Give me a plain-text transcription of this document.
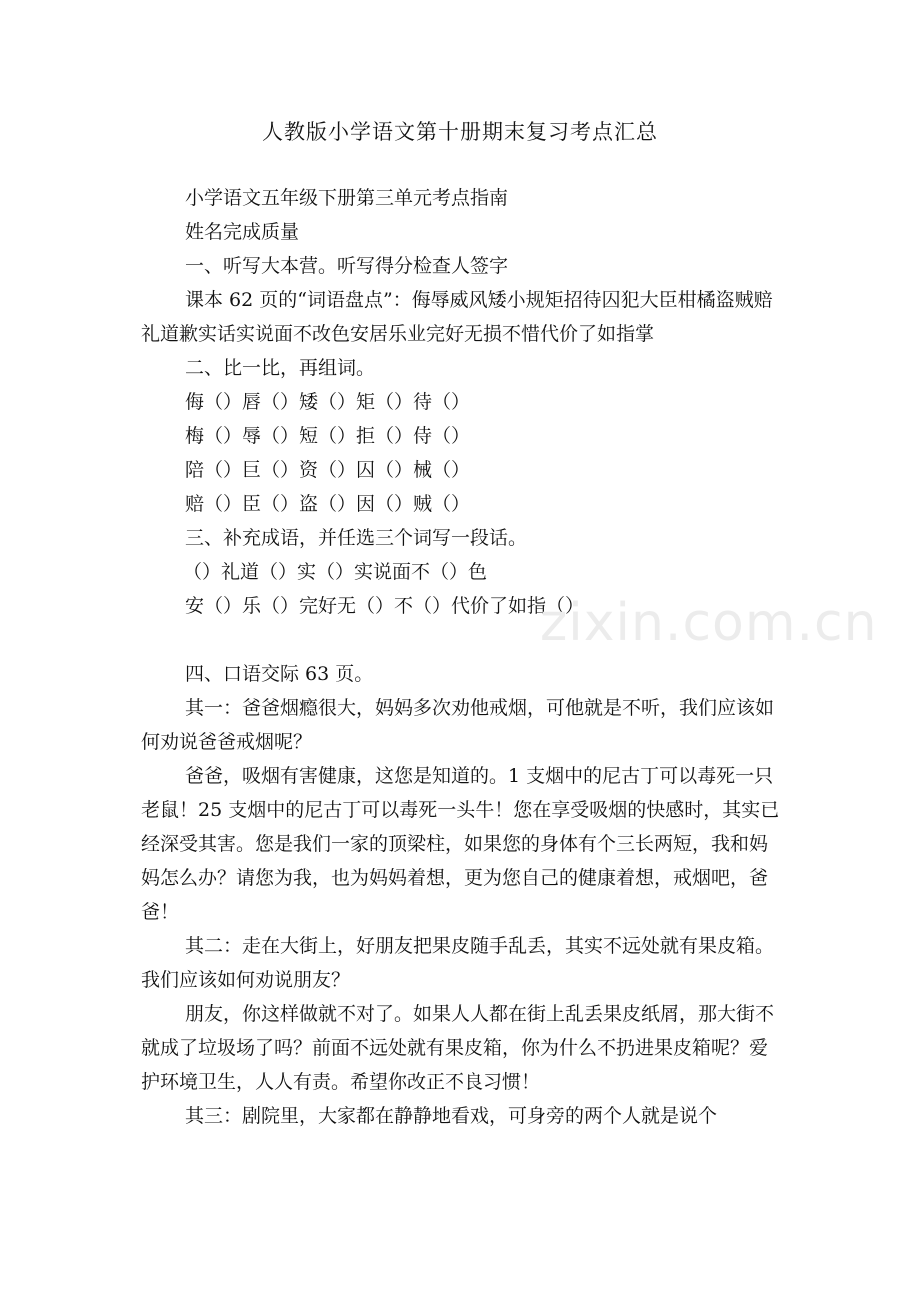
人教版小学语文第十册期末复习考点汇总

小学语文五年级下册第三单元考点指南

姓名完成质量

一、听写大本营。听写得分检查人签字

课本 62 页的“词语盘点”：侮辱威风矮小规矩招待囚犯大臣柑橘盗贼赔礼道歉实话实说面不改色安居乐业完好无损不惜代价了如指掌

二、比一比，再组词。

侮（）唇（）矮（）矩（）待（）

梅（）辱（）短（）拒（）侍（）

陪（）巨（）资（）囚（）械（）

赔（）臣（）盗（）因（）贼（）

三、补充成语，并任选三个词写一段话。

（）礼道（）实（）实说面不（）色

安（）乐（）完好无（）不（）代价了如指（）

四、口语交际 63 页。

其一：爸爸烟瘾很大，妈妈多次劝他戒烟，可他就是不听，我们应该如何劝说爸爸戒烟呢？

爸爸，吸烟有害健康，这您是知道的。1 支烟中的尼古丁可以毒死一只老鼠！25 支烟中的尼古丁可以毒死一头牛！您在享受吸烟的快感时，其实已经深受其害。您是我们一家的顶梁柱，如果您的身体有个三长两短，我和妈妈怎么办？请您为我，也为妈妈着想，更为您自己的健康着想，戒烟吧，爸爸！

其二：走在大街上，好朋友把果皮随手乱丢，其实不远处就有果皮箱。我们应该如何劝说朋友？

朋友，你这样做就不对了。如果人人都在街上乱丢果皮纸屑，那大街不就成了垃圾场了吗？前面不远处就有果皮箱，你为什么不扔进果皮箱呢？爱护环境卫生，人人有责。希望你改正不良习惯！

其三：剧院里，大家都在静静地看戏，可身旁的两个人就是说个

zixin.com.cn
